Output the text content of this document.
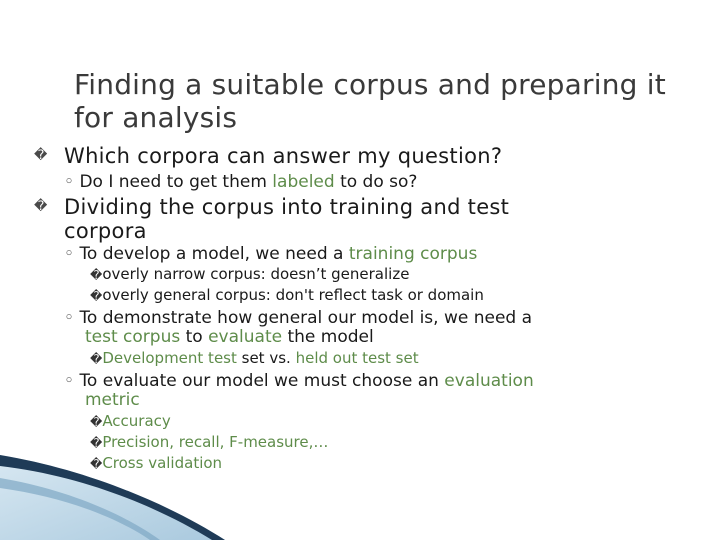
Finding a suitable corpus and preparing it
for analysis
� Which corpora can answer my question?
◦ Do I need to get them labeled to do so?
� Dividing the corpus into training and test
corpora
◦ To develop a model, we need a training corpus
�overly narrow corpus: doesn’t generalize
�overly general corpus: don't reflect task or domain
◦ To demonstrate how general our model is, we need a
test corpus to evaluate the model
�Development test set vs. held out test set
◦ To evaluate our model we must choose an evaluation
metric
�Accuracy
�Precision, recall, F-measure,…
�Cross validation
